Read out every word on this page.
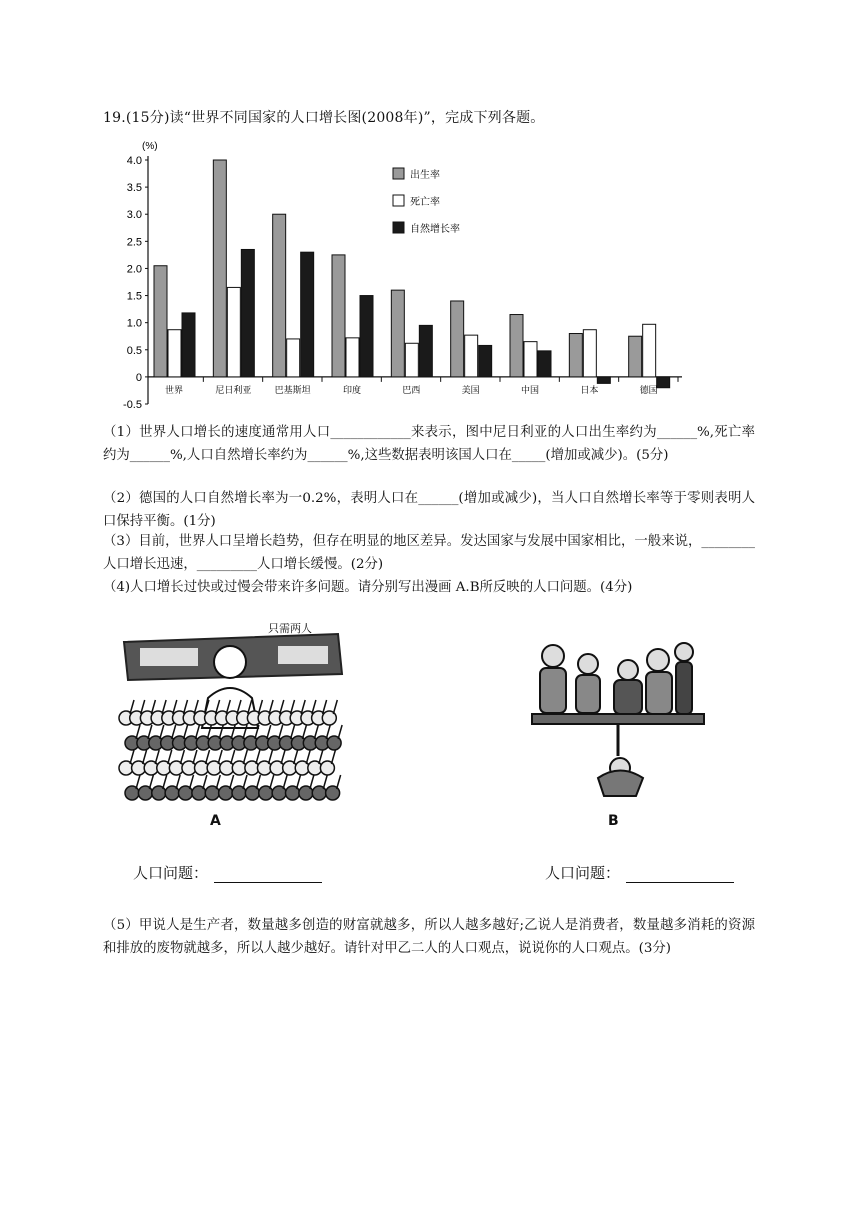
19.(15分)读“世界不同国家的人口增长图(2008年)”，完成下列各题。
(%)
4.0
3.5
3.0
2.5
2.0
1.5
1.0
0.5
0
-0.5
世界	尼日利亚	巴基斯坦	印度	巴西	美国	中国	日本	德国
出生率
死亡率
自然增长率
（1）世界人口增长的速度通常用人口____________来表示，图中尼日利亚的人口出生率约为______%,死亡率约为______%,人口自然增长率约为______%,这些数据表明该国人口在_____(增加或减少)。(5分)
（2）德国的人口自然增长率为一0.2%，表明人口在______(增加或减少)，当人口自然增长率等于零则表明人口保持平衡。(1分)
（3）目前，世界人口呈增长趋势，但存在明显的地区差异。发达国家与发展中国家相比，一般来说，________人口增长迅速，_________人口增长缓慢。(2分)
（4)人口增长过快或过慢会带来许多问题。请分别写出漫画 A.B所反映的人口问题。(4分)
只需两人
A	B
人口问题：	人口问题：
（5）甲说人是生产者，数量越多创造的财富就越多，所以人越多越好;乙说人是消费者，数量越多消耗的资源和排放的废物就越多，所以人越少越好。请针对甲乙二人的人口观点，说说你的人口观点。(3分)
